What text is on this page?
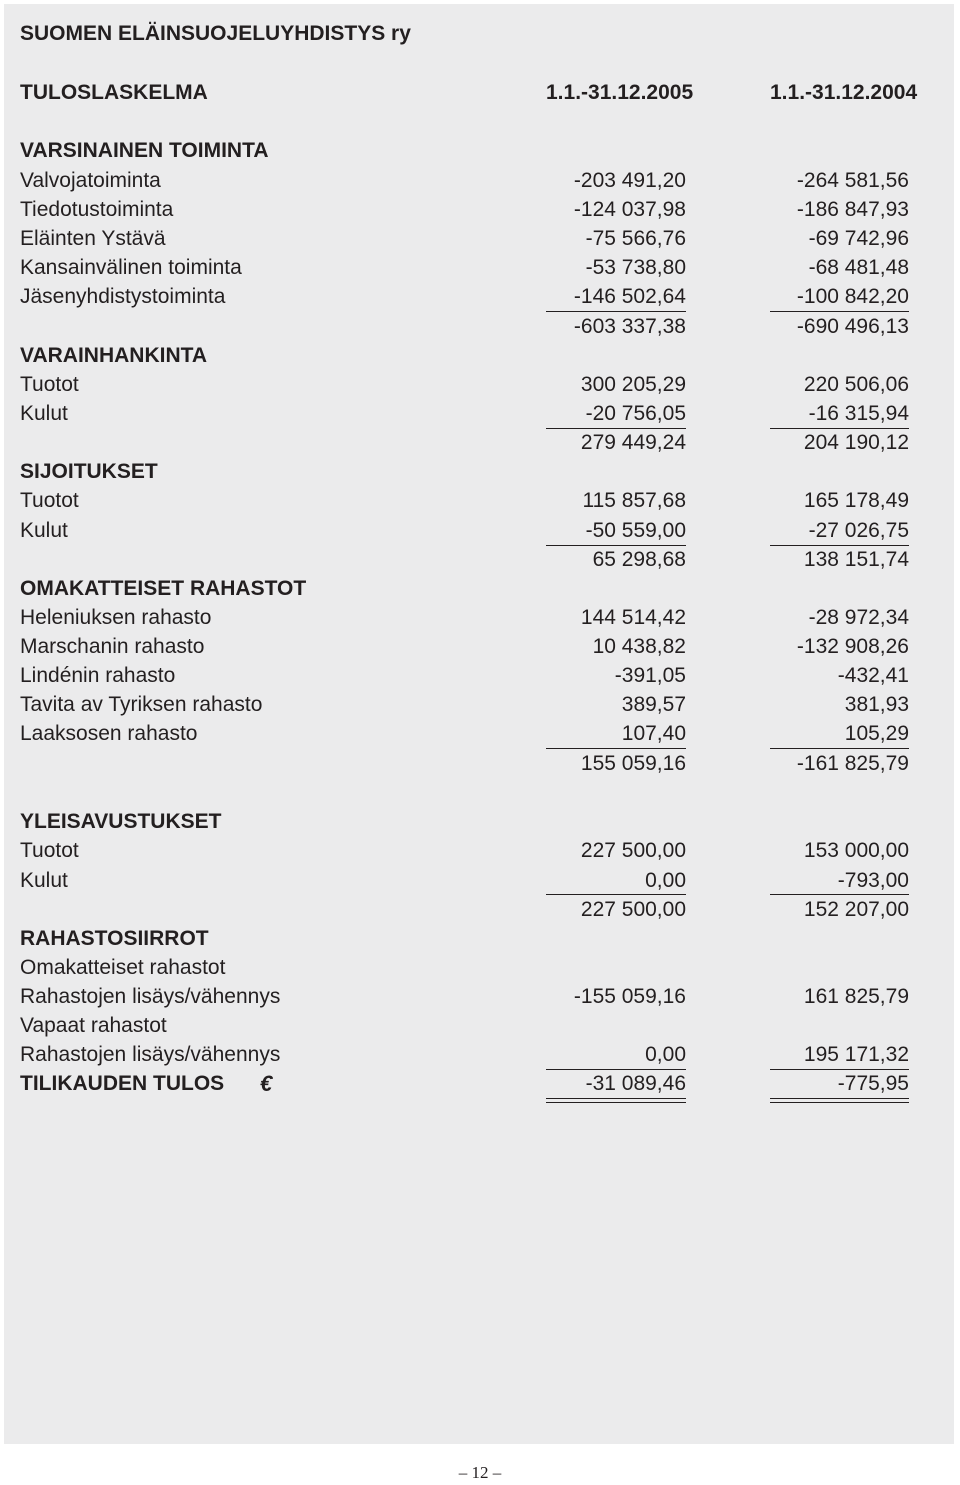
SUOMEN ELÄINSUOJELUYHDISTYS ry
TULOSLASKELMA	1.1.-31.12.2005	1.1.-31.12.2004
VARSINAINEN TOIMINTA
Valvojatoiminta	-203 491,20	-264 581,56
Tiedotustoiminta	-124 037,98	-186 847,93
Eläinten Ystävä	-75 566,76	-69 742,96
Kansainvälinen toiminta	-53 738,80	-68 481,48
Jäsenyhdistystoiminta	-146 502,64	-100 842,20
-603 337,38	-690 496,13
VARAINHANKINTA
Tuotot	300 205,29	220 506,06
Kulut	-20 756,05	-16 315,94
279 449,24	204 190,12
SIJOITUKSET
Tuotot	115 857,68	165 178,49
Kulut	-50 559,00	-27 026,75
65 298,68	138 151,74
OMAKATTEISET RAHASTOT
Heleniuksen rahasto	144 514,42	-28 972,34
Marschanin rahasto	10 438,82	-132 908,26
Lindénin rahasto	-391,05	-432,41
Tavita av Tyriksen rahasto	389,57	381,93
Laaksosen rahasto	107,40	105,29
155 059,16	-161 825,79
YLEISAVUSTUKSET
Tuotot	227 500,00	153 000,00
Kulut	0,00	-793,00
227 500,00	152 207,00
RAHASTOSIIRROT
Omakatteiset rahastot
Rahastojen lisäys/vähennys	-155 059,16	161 825,79
Vapaat rahastot
Rahastojen lisäys/vähennys	0,00	195 171,32
TILIKAUDEN TULOS €	-31 089,46	-775,95
– 12 –
